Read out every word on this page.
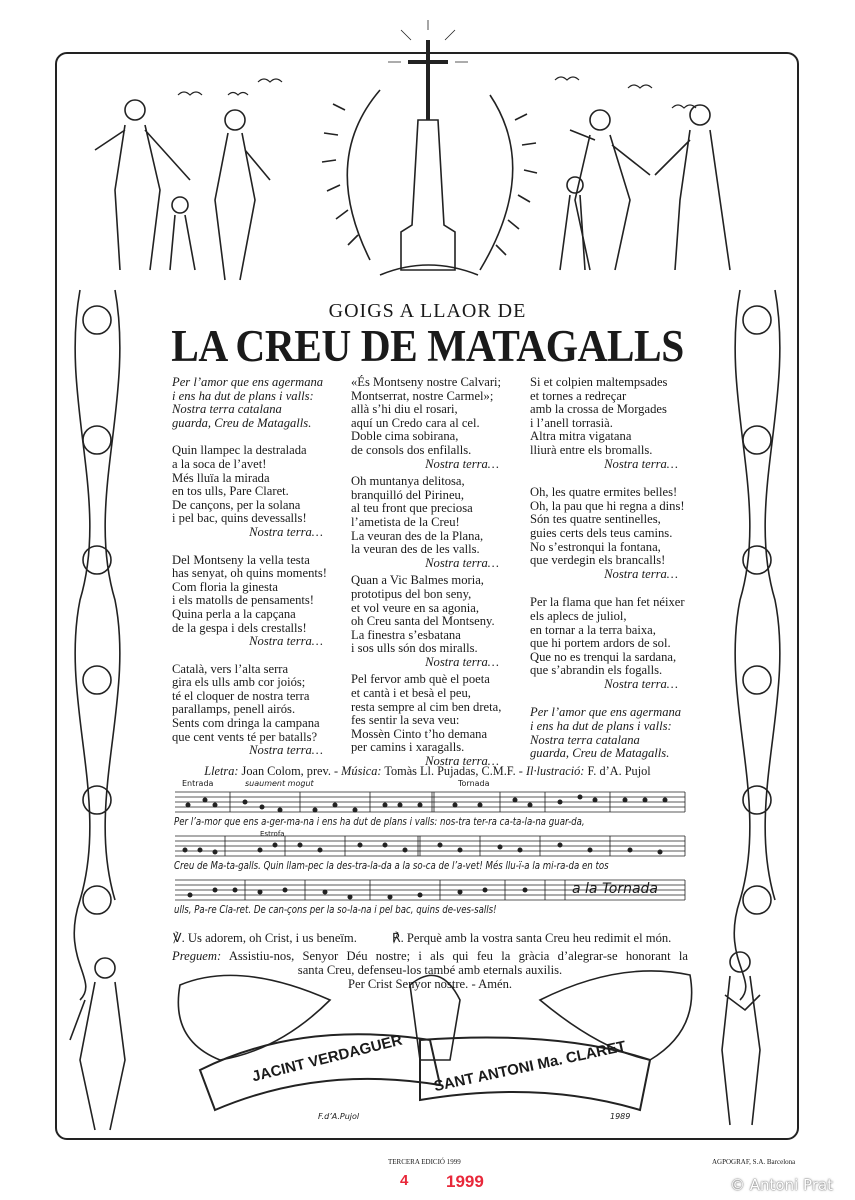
GOIGS A LLAOR DE
LA CREU DE MATAGALLS
Per l’amor que ens agermana
i ens ha dut de plans i valls:
Nostra terra catalana
guarda, Creu de Matagalls.
Quin llampec la destralada
a la soca de l’avet!
Més lluïa la mirada
en tos ulls, Pare Claret.
De cançons, per la solana
i pel bac, quins devessalls!
Nostra terra…
Del Montseny la vella testa
has senyat, oh quins moments!
Com floria la ginesta
i els matolls de pensaments!
Quina perla a la capçana
de la gespa i dels crestalls!
Nostra terra…
Català, vers l’alta serra
gira els ulls amb cor joiós;
té el cloquer de nostra terra
parallamps, penell airós.
Sents com dringa la campana
que cent vents té per batalls?
Nostra terra…
«És Montseny nostre Calvari;
Montserrat, nostre Carmel»;
allà s’hi diu el rosari,
aquí un Credo cara al cel.
Doble cima sobirana,
de consols dos enfilalls.
Nostra terra…
Oh muntanya delitosa,
branquilló del Pirineu,
al teu front que preciosa
l’ametista de la Creu!
La veuran des de la Plana,
la veuran des de les valls.
Nostra terra…
Quan a Vic Balmes moria,
prototipus del bon seny,
et vol veure en sa agonia,
oh Creu santa del Montseny.
La finestra s’esbatana
i sos ulls són dos miralls.
Nostra terra…
Pel fervor amb què el poeta
et cantà i et besà el peu,
resta sempre al cim ben dreta,
fes sentir la seva veu:
Mossèn Cinto t’ho demana
per camins i xaragalls.
Nostra terra…
Si et colpien maltempsades
et tornes a redreçar
amb la crossa de Morgades
i l’anell torrasià.
Altra mitra vigatana
lliurà entre els bromalls.
Nostra terra…
Oh, les quatre ermites belles!
Oh, la pau que hi regna a dins!
Són tes quatre sentinelles,
guies certs dels teus camins.
No s’estronqui la fontana,
que verdegin els brancalls!
Nostra terra…
Per la flama que han fet néixer
els aplecs de juliol,
en tornar a la terra baixa,
que hi portem ardors de sol.
Que no es trenqui la sardana,
que s’abrandin els fogalls.
Nostra terra…
Per l’amor que ens agermana
i ens ha dut de plans i valls:
Nostra terra catalana
guarda, Creu de Matagalls.
Lletra: Joan Colom, prev. - Música: Tomàs Ll. Pujadas, C.M.F. - Il·lustració: F. d’A. Pujol
Entrada	suaument mogut	Tornada
Estrofa
a la Tornada
Per l’a-mor que ens a-ger-ma-na i ens ha dut de plans i valls: nos-tra ter-ra ca-ta-la-na guar-da,
Creu de Ma-ta-galls. Quin llam-pec la des-tra-la-da a la so-ca de l’a-vet! Més llu-ï-a la mi-ra-da en tos
ulls, Pa-re Cla-ret. De can-çons per la so-la-na i pel bac, quins de-ves-salls!
℣. Us adorem, oh Crist, i us beneïm.	℟. Perquè amb la vostra santa Creu heu redimit el món.
Preguem: Assistiu-nos, Senyor Déu nostre; i als qui feu la gràcia d’alegrar-se honorant la
santa Creu, defenseu-los també amb eternals auxilis.
Per Crist Senyor nostre. - Amén.
JACINT VERDAGUER SANT ANTONI Ma. CLARET
F.d’A.Pujol	1989
TERCERA EDICIÓ 1999	AGPOGRAF, S.A. Barcelona
4 1999	© Antoni Prat
